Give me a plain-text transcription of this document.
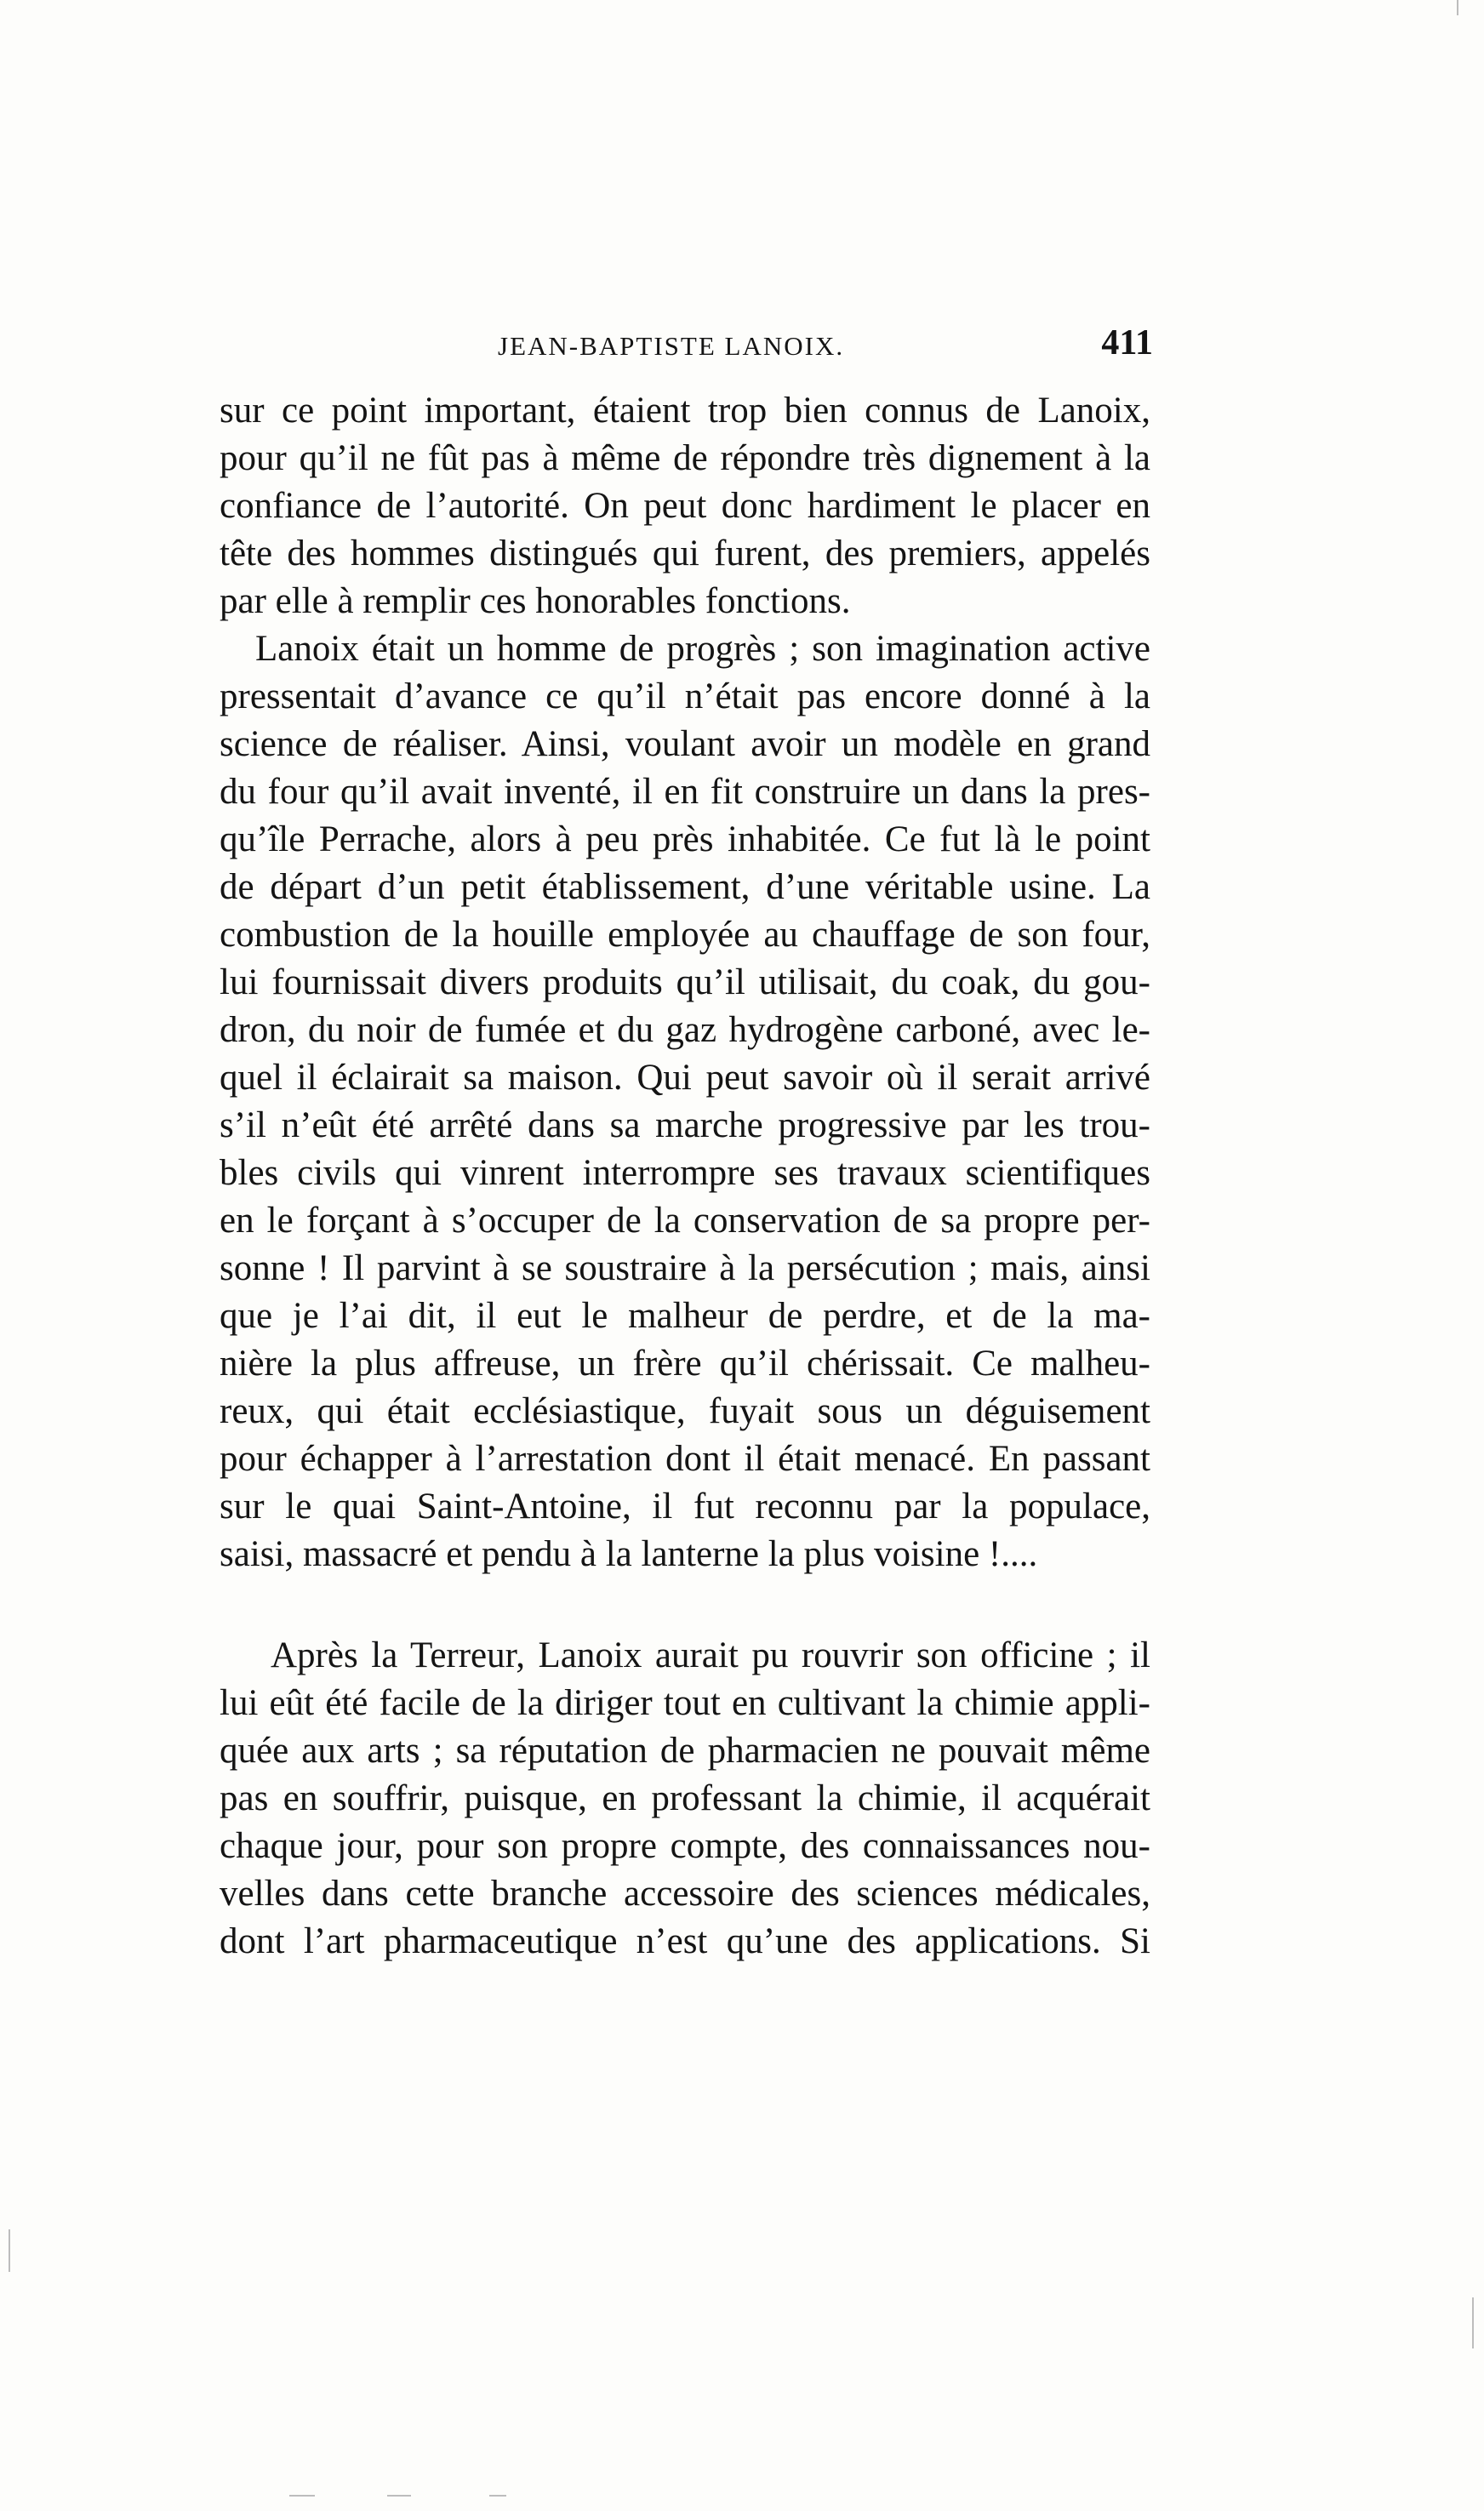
JEAN-BAPTISTE LANOIX.	411
sur ce point important, étaient trop bien connus de Lanoix,
pour qu’il ne fût pas à même de répondre très dignement à la
confiance de l’autorité. On peut donc hardiment le placer en
tête des hommes distingués qui furent, des premiers, appelés
par elle à remplir ces honorables fonctions.
Lanoix était un homme de progrès ; son imagination active
pressentait d’avance ce qu’il n’était pas encore donné à la
science de réaliser. Ainsi, voulant avoir un modèle en grand
du four qu’il avait inventé, il en fit construire un dans la pres-
qu’île Perrache, alors à peu près inhabitée. Ce fut là le point
de départ d’un petit établissement, d’une véritable usine. La
combustion de la houille employée au chauffage de son four,
lui fournissait divers produits qu’il utilisait, du coak, du gou-
dron, du noir de fumée et du gaz hydrogène carboné, avec le-
quel il éclairait sa maison. Qui peut savoir où il serait arrivé
s’il n’eût été arrêté dans sa marche progressive par les trou-
bles civils qui vinrent interrompre ses travaux scientifiques
en le forçant à s’occuper de la conservation de sa propre per-
sonne ! Il parvint à se soustraire à la persécution ; mais, ainsi
que je l’ai dit, il eut le malheur de perdre, et de la ma-
nière la plus affreuse, un frère qu’il chérissait. Ce malheu-
reux, qui était ecclésiastique, fuyait sous un déguisement
pour échapper à l’arrestation dont il était menacé. En passant
sur le quai Saint-Antoine, il fut reconnu par la populace,
saisi, massacré et pendu à la lanterne la plus voisine !....
Après la Terreur, Lanoix aurait pu rouvrir son officine ; il
lui eût été facile de la diriger tout en cultivant la chimie appli-
quée aux arts ; sa réputation de pharmacien ne pouvait même
pas en souffrir, puisque, en professant la chimie, il acquérait
chaque jour, pour son propre compte, des connaissances nou-
velles dans cette branche accessoire des sciences médicales,
dont l’art pharmaceutique n’est qu’une des applications. Si
